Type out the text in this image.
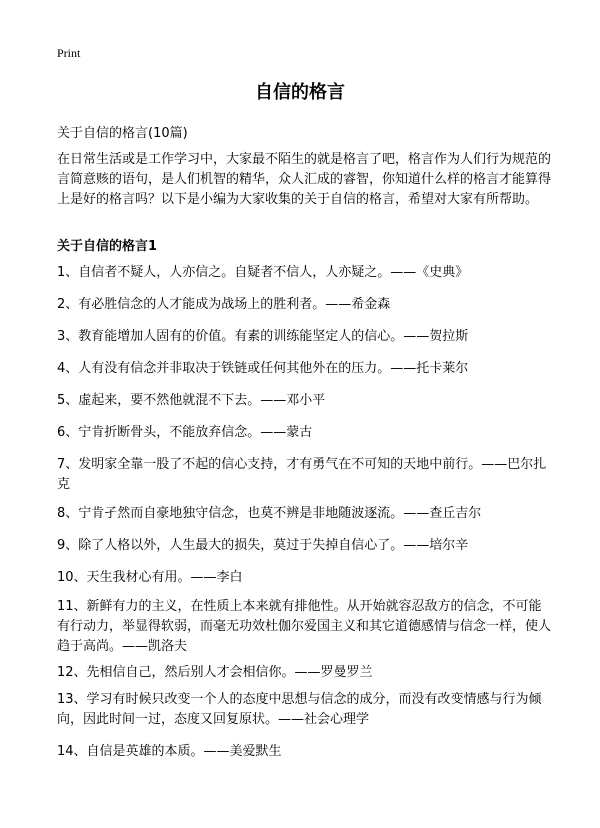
Print
自信的格言
关于自信的格言(10篇)
在日常生活或是工作学习中，大家最不陌生的就是格言了吧，格言作为人们行为规范的言简意赅的语句，是人们机智的精华，众人汇成的睿智，你知道什么样的格言才能算得上是好的格言吗？以下是小编为大家收集的关于自信的格言，希望对大家有所帮助。
关于自信的格言1
1、自信者不疑人，人亦信之。自疑者不信人，人亦疑之。——《史典》
2、有必胜信念的人才能成为战场上的胜利者。——希金森
3、教育能增加人固有的价值。有素的训练能坚定人的信心。——贺拉斯
4、人有没有信念并非取决于铁链或任何其他外在的压力。——托卡莱尔
5、虚起来，要不然他就混不下去。——邓小平
6、宁肯折断骨头，不能放弃信念。——蒙古
7、发明家全靠一股了不起的信心支持，才有勇气在不可知的天地中前行。——巴尔扎克
8、宁肯孑然而自豪地独守信念，也莫不辨是非地随波逐流。——查丘吉尔
9、除了人格以外，人生最大的损失，莫过于失掉自信心了。——培尔辛
10、天生我材心有用。——李白
11、新鲜有力的主义，在性质上本来就有排他性。从开始就容忍敌方的信念，不可能有行动力，举显得软弱，而毫无功效杜伽尔爱国主义和其它道德感情与信念一样，使人趋于高尚。——凯洛夫
12、先相信自己，然后别人才会相信你。——罗曼罗兰
13、学习有时候只改变一个人的态度中思想与信念的成分，而没有改变情感与行为倾向，因此时间一过，态度又回复原状。——社会心理学
14、自信是英雄的本质。——美爱默生
